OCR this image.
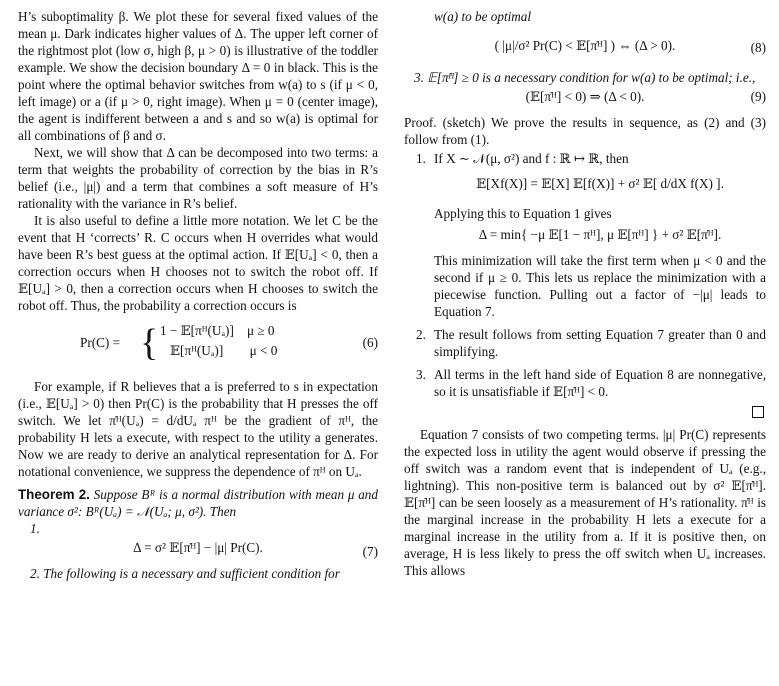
H’s suboptimality β. We plot these for several fixed values of the mean μ. Dark indicates higher values of Δ. The upper left corner of the rightmost plot (low σ, high β, μ > 0) is illustrative of the toddler example. We show the decision boundary Δ = 0 in black. This is the point where the optimal behavior switches from w(a) to s (if μ < 0, left image) or a (if μ > 0, right image). When μ = 0 (center image), the agent is indifferent between a and s and so w(a) is optimal for all combinations of β and σ.

Next, we will show that Δ can be decomposed into two terms: a term that weights the probability of correction by the bias in R’s belief (i.e., |μ|) and a term that combines a soft measure of H’s rationality with the variance in R’s belief.

It is also useful to define a little more notation. We let C be the event that H ‘corrects’ R. C occurs when H overrides what would have been R’s best guess at the optimal action. If 𝔼[Uₐ] < 0, then a correction occurs when H chooses not to switch the robot off. If 𝔼[Uₐ] > 0, then a correction occurs when H chooses to switch the robot off. Thus, the probability a correction occurs is

Pr(C) = { 1 − 𝔼[πᴴ(Uₐ)]    μ ≥ 0
𝔼[πᴴ(Uₐ)]        μ < 0
(6)

For example, if R believes that a is preferred to s in expectation (i.e., 𝔼[Uₐ] > 0) then Pr(C) is the probability that H presses the off switch. We let π̇ᴴ(Uₐ) = d/dUₐ πᴴ be the gradient of πᴴ, the probability H lets a execute, with respect to the utility a generates. Now we are ready to derive an analytical representation for Δ. For notational convenience, we suppress the dependence of πᴴ on Uₐ.

Theorem 2. Suppose Bᴿ is a normal distribution with mean μ and variance σ²: Bᴿ(Uₐ) = 𝒩(Uₐ; μ, σ²). Then

1.

Δ = σ² 𝔼[π̇ᴴ] − |μ| Pr(C).	(7)

2. The following is a necessary and sufficient condition for

w(a) to be optimal

( |μ|/σ² Pr(C) < 𝔼[π̇ᴴ] ) ⇔ (Δ > 0).	(8)

3. 𝔼[π̇ᴴ] ≥ 0 is a necessary condition for w(a) to be optimal; i.e.,

(𝔼[π̇ᴴ] < 0) ⇒ (Δ < 0).	(9)

Proof. (sketch) We prove the results in sequence, as (2) and (3) follow from (1).

1. If X ∼ 𝒩(μ, σ²) and f : ℝ ↦ ℝ, then

𝔼[Xf(X)] = 𝔼[X] 𝔼[f(X)] + σ² 𝔼[ d/dX f(X) ].

Applying this to Equation 1 gives

Δ = min{ −μ 𝔼[1 − πᴴ], μ 𝔼[πᴴ] } + σ² 𝔼[π̇ᴴ].

This minimization will take the first term when μ < 0 and the second if μ ≥ 0. This lets us replace the minimization with a piecewise function. Pulling out a factor of −|μ| leads to Equation 7.

2. The result follows from setting Equation 7 greater than 0 and simplifying.

3. All terms in the left hand side of Equation 8 are nonnegative, so it is unsatisfiable if 𝔼[π̇ᴴ] < 0.

Equation 7 consists of two competing terms. |μ| Pr(C) represents the expected loss in utility the agent would observe if pressing the off switch was a random event that is independent of Uₐ (e.g., lightning). This non-positive term is balanced out by σ² 𝔼[π̇ᴴ]. 𝔼[π̇ᴴ] can be seen loosely as a measurement of H’s rationality. π̇ᴴ is the marginal increase in the probability H lets a execute for a marginal increase in the utility from a. If it is positive then, on average, H is less likely to press the off switch when Uₐ increases. This allows
